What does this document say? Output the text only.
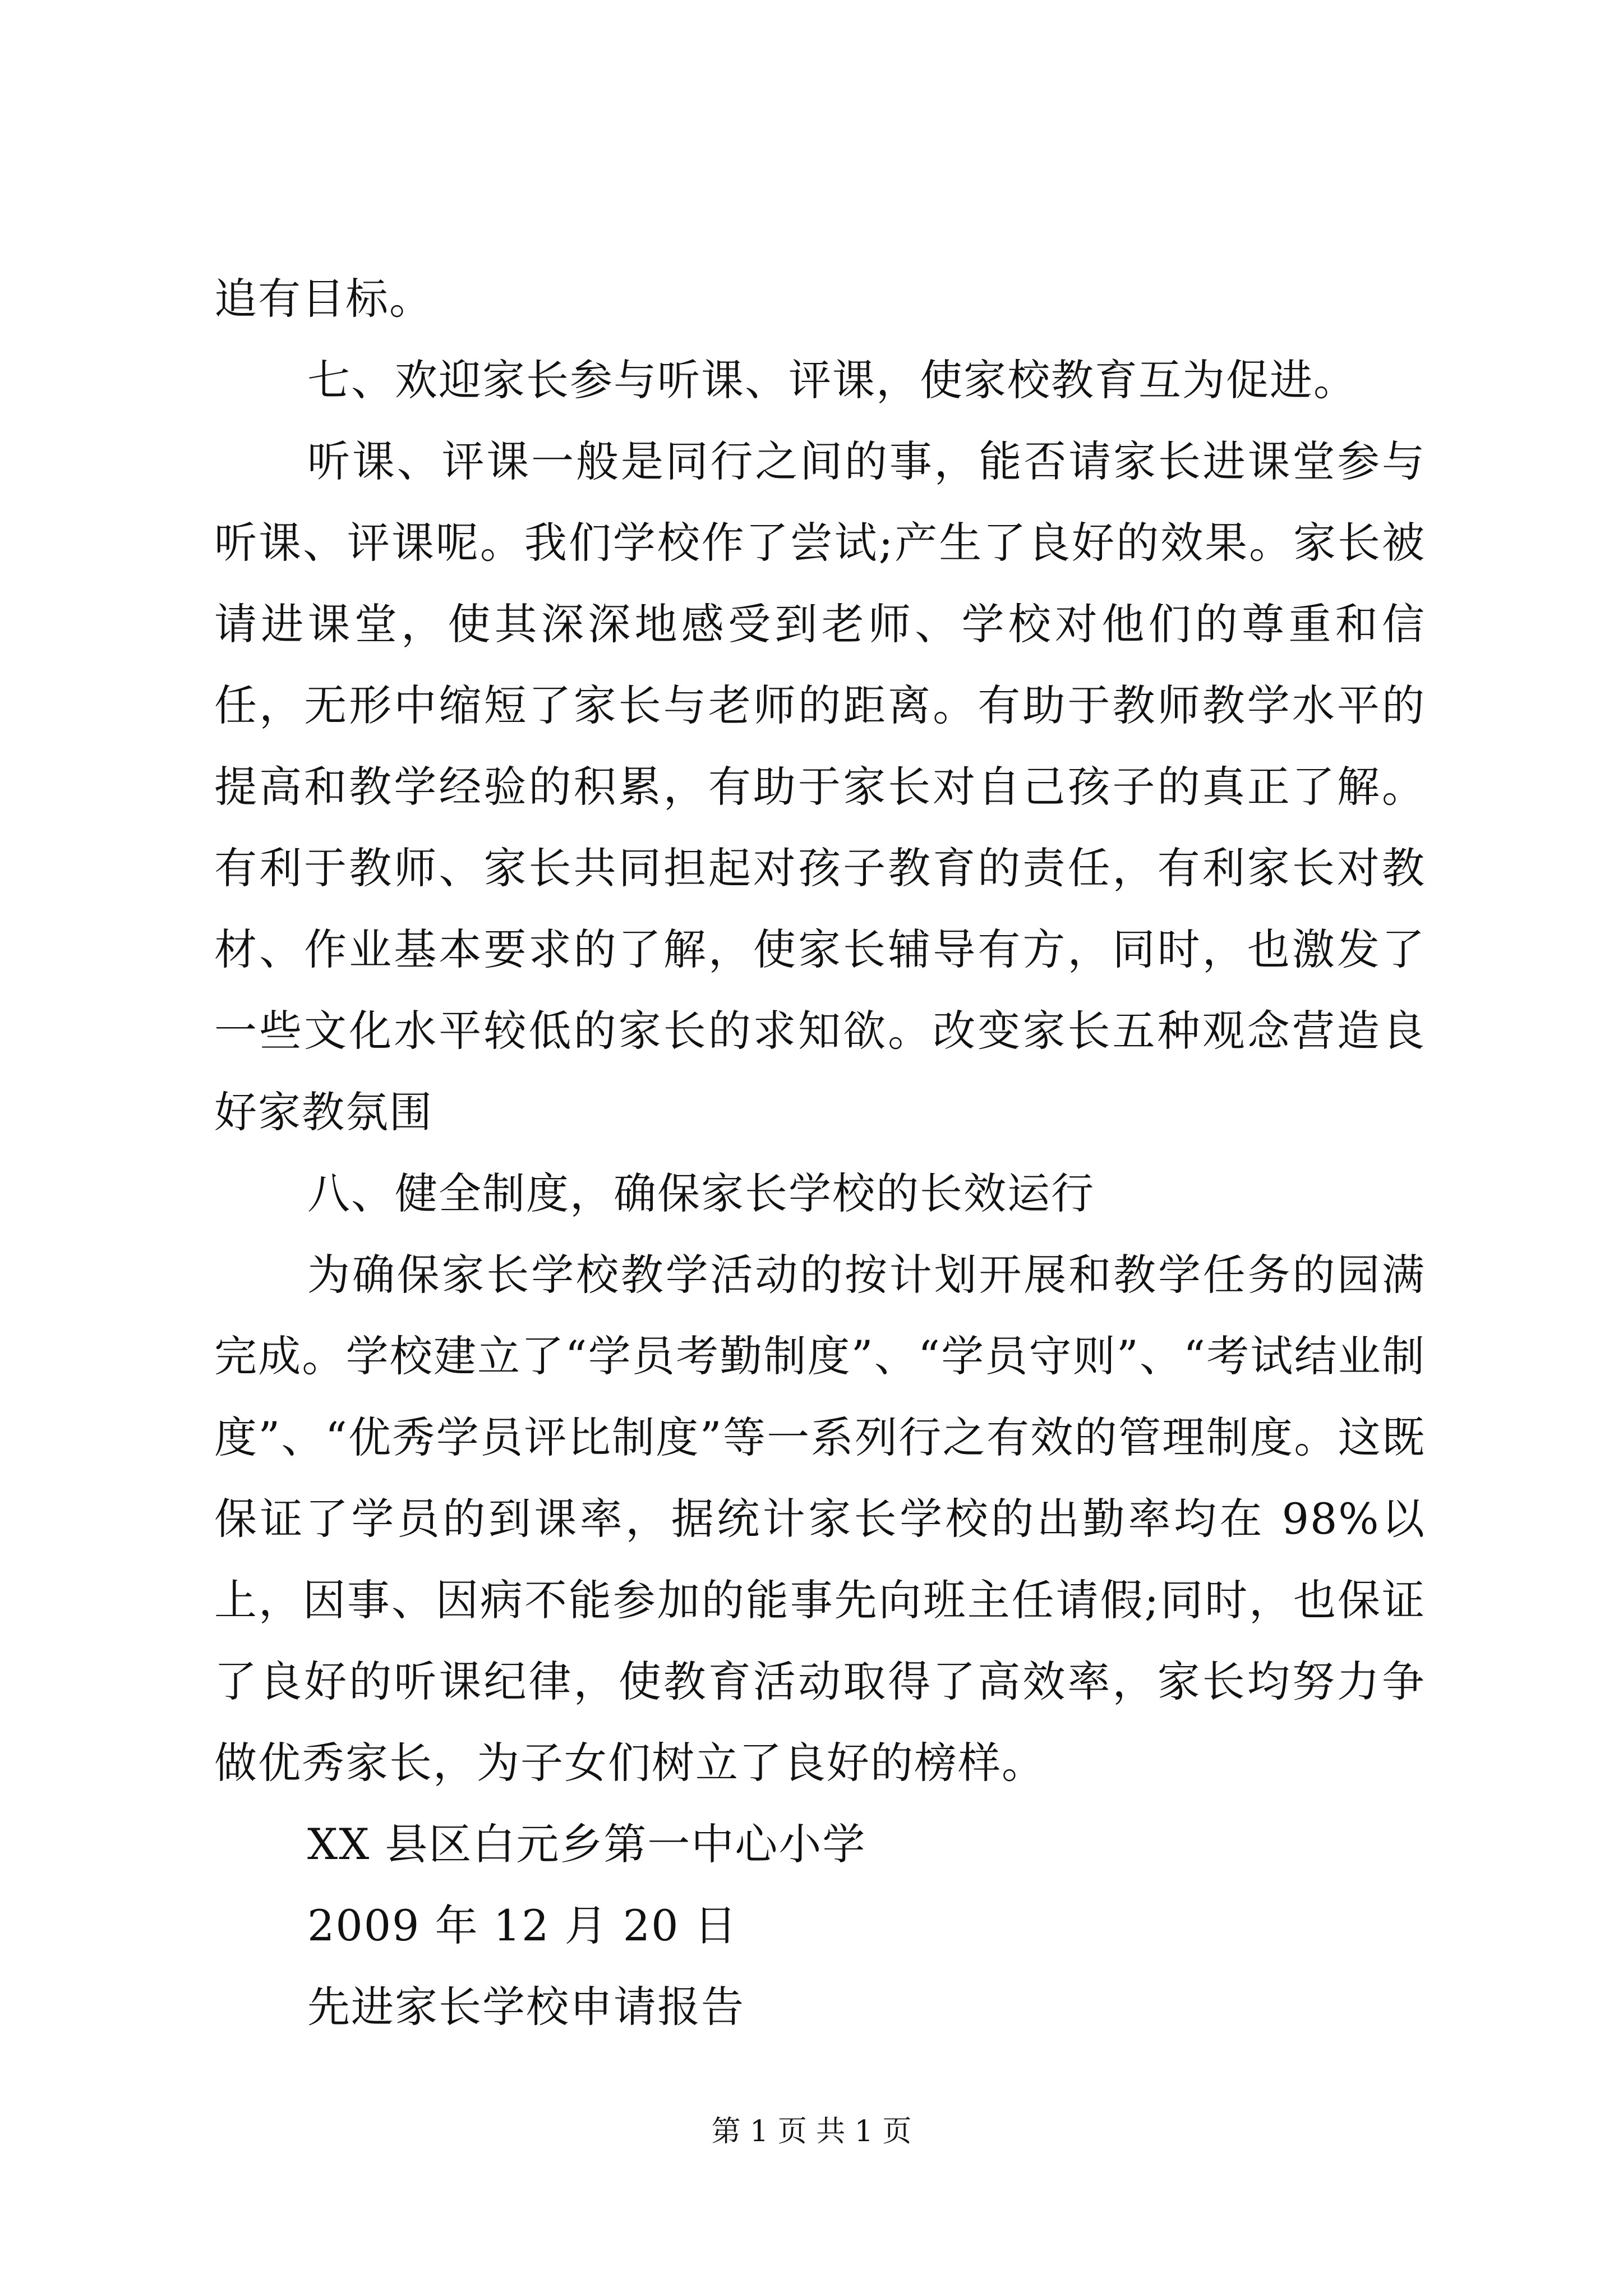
追有目标。

七、欢迎家长参与听课、评课，使家校教育互为促进。

听课、评课一般是同行之间的事，能否请家长进课堂参与听课、评课呢。我们学校作了尝试;产生了良好的效果。家长被请进课堂，使其深深地感受到老师、学校对他们的尊重和信任，无形中缩短了家长与老师的距离。有助于教师教学水平的提高和教学经验的积累，有助于家长对自己孩子的真正了解。有利于教师、家长共同担起对孩子教育的责任，有利家长对教材、作业基本要求的了解，使家长辅导有方，同时，也激发了一些文化水平较低的家长的求知欲。改变家长五种观念营造良好家教氛围

八、健全制度，确保家长学校的长效运行

为确保家长学校教学活动的按计划开展和教学任务的园满完成。学校建立了“学员考勤制度”、“学员守则”、“考试结业制度”、“优秀学员评比制度”等一系列行之有效的管理制度。这既保证了学员的到课率，据统计家长学校的出勤率均在 98%以上，因事、因病不能参加的能事先向班主任请假;同时，也保证了良好的听课纪律，使教育活动取得了高效率，家长均努力争做优秀家长，为子女们树立了良好的榜样。

XX 县区白元乡第一中心小学

2009 年 12 月 20 日

先进家长学校申请报告

第 1 页 共 1 页
